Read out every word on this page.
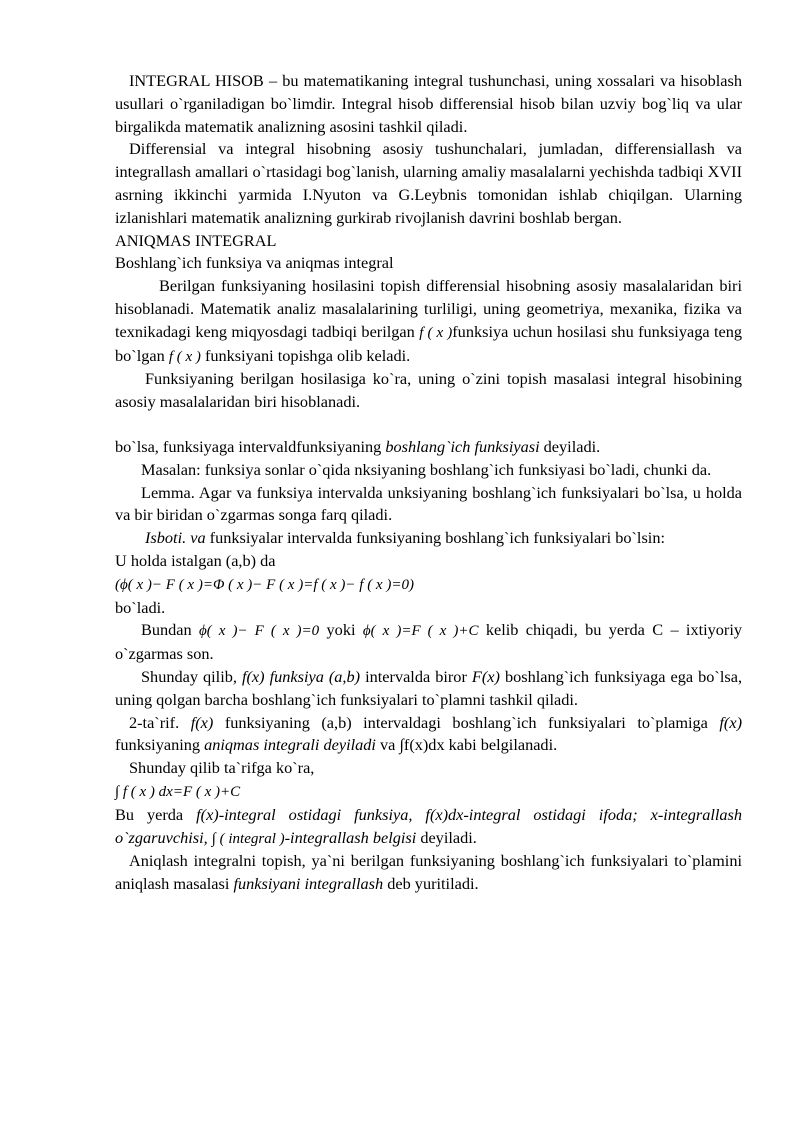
INTEGRAL HISOB – bu matematikaning integral tushunchasi, uning xossalari va hisoblash usullari o`rganiladigan bo`limdir. Integral hisob differensial hisob bilan uzviy bog`liq va ular birgalikda matematik analizning asosini tashkil qiladi.

Differensial va integral hisobning asosiy tushunchalari, jumladan, differensiallash va integrallash amallari o`rtasidagi bog`lanish, ularning amaliy masalalarni yechishda tadbiqi XVII asrning ikkinchi yarmida I.Nyuton va G.Leybnis tomonidan ishlab chiqilgan. Ularning izlanishlari matematik analizning gurkirab rivojlanish davrini boshlab bergan.

ANIQMAS INTEGRAL

Boshlang`ich funksiya va aniqmas integral

Berilgan funksiyaning hosilasini topish differensial hisobning asosiy masalalaridan biri hisoblanadi. Matematik analiz masalalarining turliligi, uning geometriya, mexanika, fizika va texnikadagi keng miqyosdagi tadbiqi berilgan f ( x )funksiya uchun hosilasi shu funksiyaga teng bo`lgan f ( x ) funksiyani topishga olib keladi.

Funksiyaning berilgan hosilasiga ko`ra, uning o`zini topish masalasi integral hisobining asosiy masalalaridan biri hisoblanadi.

bo`lsa, funksiyaga intervaldfunksiyaning boshlang`ich funksiyasi deyiladi.

Masalan: funksiya sonlar o`qida nksiyaning boshlang`ich funksiyasi bo`ladi, chunki da.

Lemma. Agar va funksiya intervalda unksiyaning boshlang`ich funksiyalari bo`lsa, u holda va bir biridan o`zgarmas songa farq qiladi.

Isboti. va funksiyalar intervalda funksiyaning boshlang`ich funksiyalari bo`lsin:

U holda istalgan (a,b) da

(ϕ( x )− F ( x )=Φ ( x )− F ( x )=f ( x )− f ( x )=0)

bo`ladi.

Bundan ϕ( x )− F ( x )=0 yoki ϕ( x )=F ( x )+C kelib chiqadi, bu yerda C – ixtiyoriy o`zgarmas son.

Shunday qilib, f(x) funksiya (a,b) intervalda biror F(x) boshlang`ich funksiyaga ega bo`lsa, uning qolgan barcha boshlang`ich funksiyalari to`plamni tashkil qiladi.

2-ta`rif. f(x) funksiyaning (a,b) intervaldagi boshlang`ich funksiyalari to`plamiga f(x) funksiyaning aniqmas integrali deyiladi va ∫f(x)dx kabi belgilanadi.

Shunday qilib ta`rifga ko`ra,

∫ f ( x ) dx=F ( x )+C

Bu yerda f(x)-integral ostidagi funksiya, f(x)dx-integral ostidagi ifoda; x-integrallash o`zgaruvchisi, ∫ ( integral )-integrallash belgisi deyiladi.

Aniqlash integralni topish, ya`ni berilgan funksiyaning boshlang`ich funksiyalari to`plamini aniqlash masalasi funksiyani integrallash deb yuritiladi.
